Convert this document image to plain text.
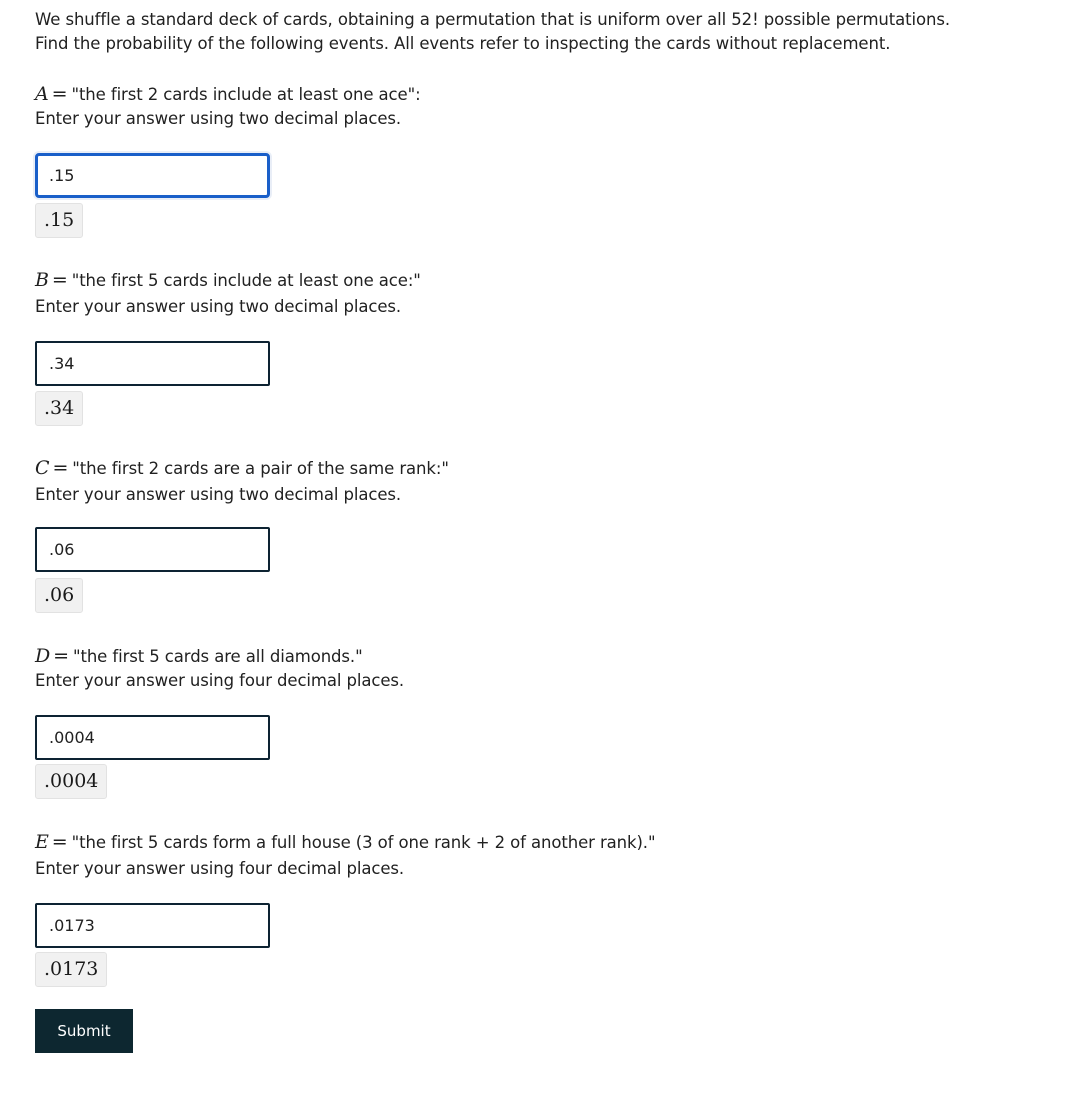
We shuffle a standard deck of cards, obtaining a permutation that is uniform over all 52! possible permutations.

Find the probability of the following events. All events refer to inspecting the cards without replacement.

A = "the first 2 cards include at least one ace":
Enter your answer using two decimal places.
.15
.15
B = "the first 5 cards include at least one ace:"
Enter your answer using two decimal places.
.34
.34
C = "the first 2 cards are a pair of the same rank:"
Enter your answer using two decimal places.
.06
.06
D = "the first 5 cards are all diamonds."
Enter your answer using four decimal places.
.0004
.0004
E = "the first 5 cards form a full house (3 of one rank + 2 of another rank)."
Enter your answer using four decimal places.
.0173
.0173
Submit
